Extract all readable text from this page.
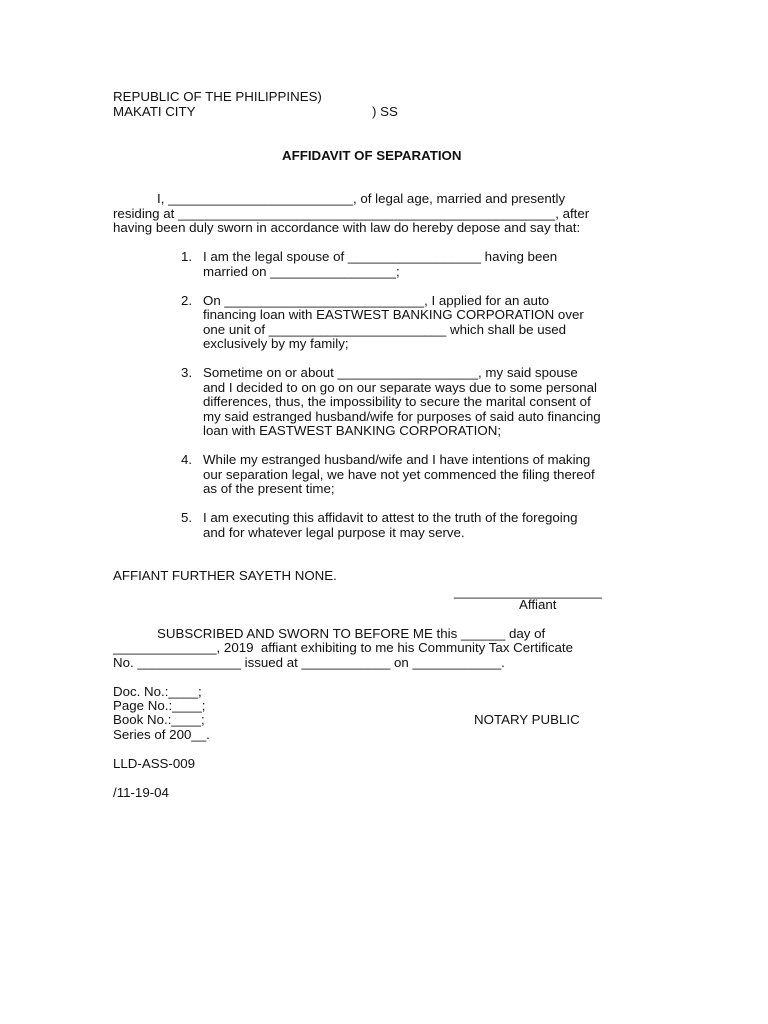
REPUBLIC OF THE PHILIPPINES)
MAKATI CITY	) SS
AFFIDAVIT OF SEPARATION
I, _________________________, of legal age, married and presently
residing at ___________________________________________________, after
having been duly sworn in accordance with law do hereby depose and say that:
1. I am the legal spouse of __________________ having been
married on _________________;
2. On ___________________________, I applied for an auto
financing loan with EASTWEST BANKING CORPORATION over
one unit of ________________________ which shall be used
exclusively by my family;
3. Sometime on or about ___________________, my said spouse
and I decided to on go on our separate ways due to some personal
differences, thus, the impossibility to secure the marital consent of
my said estranged husband/wife for purposes of said auto financing
loan with EASTWEST BANKING CORPORATION;
4. While my estranged husband/wife and I have intentions of making
our separation legal, we have not yet commenced the filing thereof
as of the present time;
5. I am executing this affidavit to attest to the truth of the foregoing
and for whatever legal purpose it may serve.
AFFIANT FURTHER SAYETH NONE.
____________________
Affiant
SUBSCRIBED AND SWORN TO BEFORE ME this ______ day of
______________, 2019  affiant exhibiting to me his Community Tax Certificate
No. ______________ issued at ____________ on ____________.
Doc. No.:____;
Page No.:____;
Book No.:____;	NOTARY PUBLIC
Series of 200__.
LLD-ASS-009
/11-19-04
